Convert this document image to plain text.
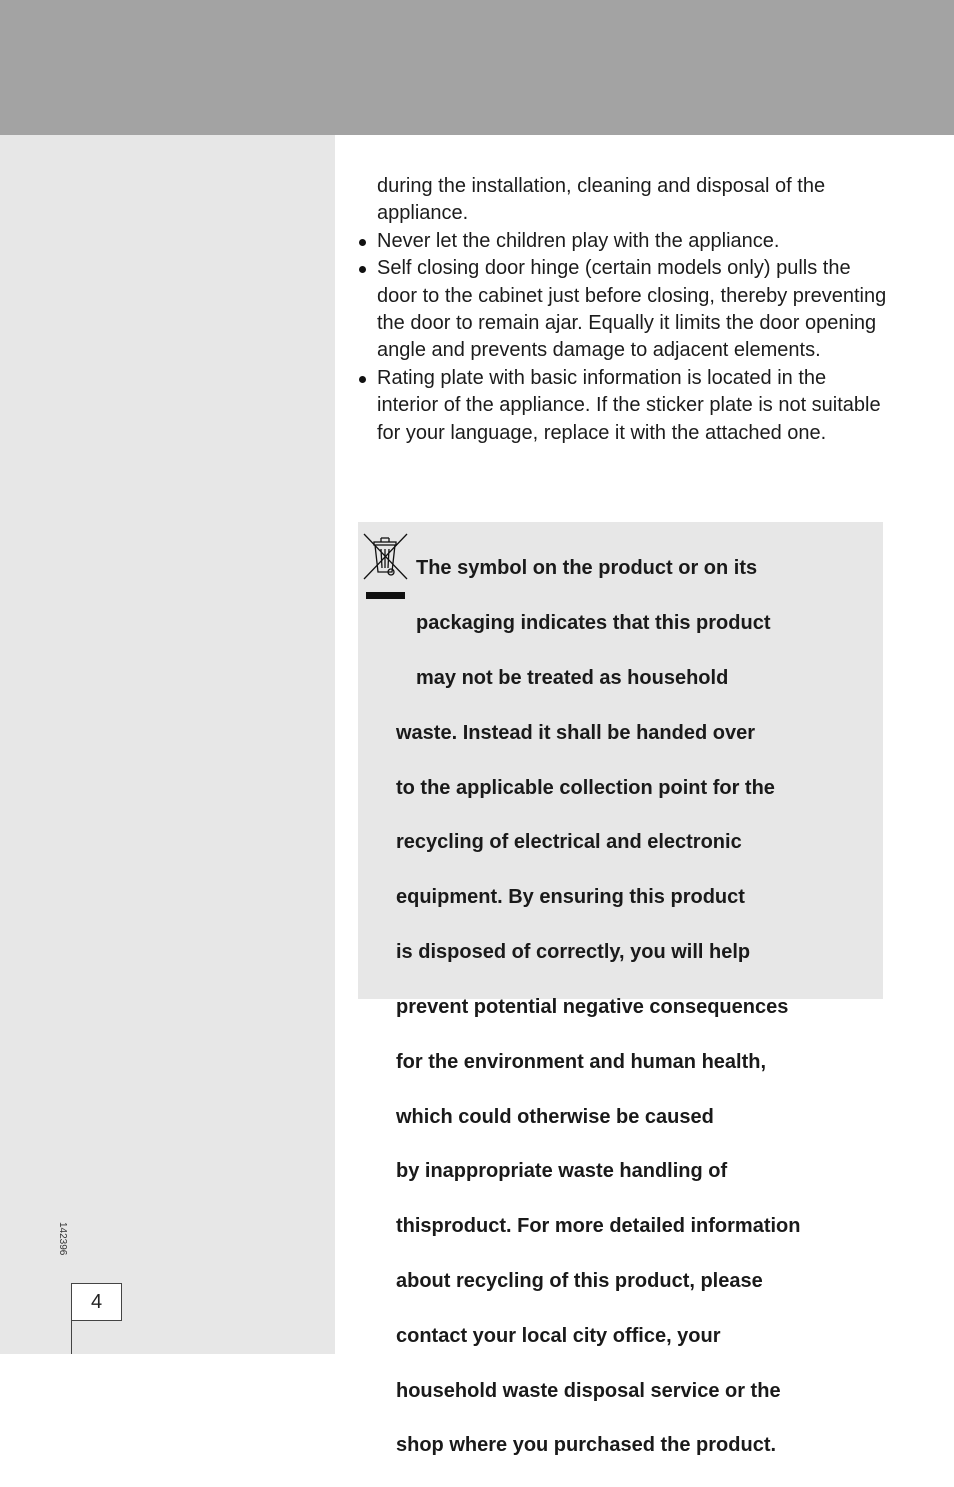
142396
4

during the installation, cleaning and disposal of the appliance.

Never let the children play with the appliance.
Self closing door hinge (certain models only) pulls the door to the cabinet just before closing, thereby preventing the door to remain ajar. Equally it limits the door opening angle and prevents damage to adjacent elements.
Rating plate with basic information is located in the interior of the appliance. If the sticker plate is not suitable for your language, replace it with the attached one.

The symbol on the product or on its

packaging indicates that this product

may not be treated as household

waste. Instead it shall be handed over

to the applicable collection point for the

recycling of electrical and electronic

equipment. By ensuring this product

is disposed of correctly, you will help

prevent potential negative consequences

for the environment and human health,

which could otherwise be caused

by inappropriate waste handling of

thisproduct. For more detailed information

about recycling of this product, please

contact your local city office, your

household waste disposal service or the

shop where you purchased the product.
